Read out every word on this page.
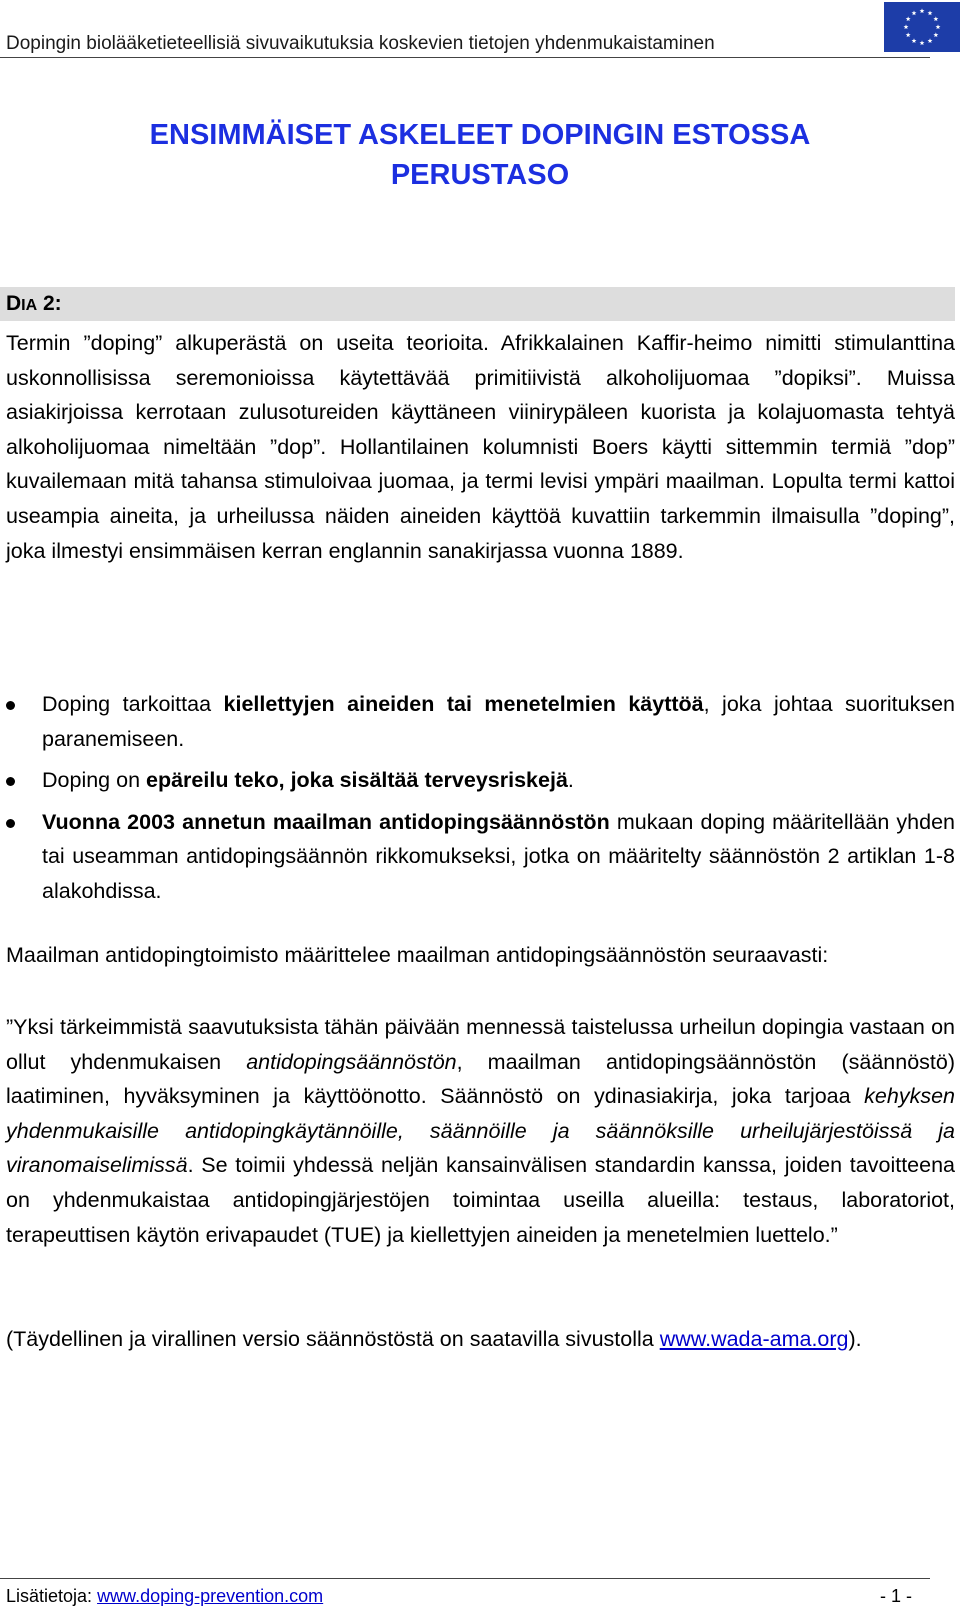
Dopingin biolääketieteellisiä sivuvaikutuksia koskevien tietojen yhdenmukaistaminen
ENSIMMÄISET ASKELEET DOPINGIN ESTOSSA
PERUSTASO
DIA 2:
Termin ”doping” alkuperästä on useita teorioita. Afrikkalainen Kaffir-heimo nimitti stimulanttina uskonnollisissa seremonioissa käytettävää primitiivistä alkoholijuomaa ”dopiksi”. Muissa asiakirjoissa kerrotaan zulusotureiden käyttäneen viinirypäleen kuorista ja kolajuomasta tehtyä alkoholijuomaa nimeltään ”dop”. Hollantilainen kolumnisti Boers käytti sittemmin termiä ”dop” kuvailemaan mitä tahansa stimuloivaa juomaa, ja termi levisi ympäri maailman. Lopulta termi kattoi useampia aineita, ja urheilussa näiden aineiden käyttöä kuvattiin tarkemmin ilmaisulla ”doping”, joka ilmestyi ensimmäisen kerran englannin sanakirjassa vuonna 1889.
Doping tarkoittaa kiellettyjen aineiden tai menetelmien käyttöä, joka johtaa suorituksen paranemiseen.
Doping on epäreilu teko, joka sisältää terveysriskejä.
Vuonna 2003 annetun maailman antidopingsäännöstön mukaan doping määritellään yhden tai useamman antidopingsäännön rikkomukseksi, jotka on määritelty säännöstön 2 artiklan 1-8 alakohdissa.
Maailman antidopingtoimisto määrittelee maailman antidopingsäännöstön seuraavasti:
”Yksi tärkeimmistä saavutuksista tähän päivään mennessä taistelussa urheilun dopingia vastaan on ollut yhdenmukaisen antidopingsäännöstön, maailman antidopingsäännöstön (säännöstö) laatiminen, hyväksyminen ja käyttöönotto. Säännöstö on ydinasiakirja, joka tarjoaa kehyksen yhdenmukaisille antidopingkäytännöille, säännöille ja säännöksille urheilujärjestöissä ja viranomaiselimissä. Se toimii yhdessä neljän kansainvälisen standardin kanssa, joiden tavoitteena on yhdenmukaistaa antidopingjärjestöjen toimintaa useilla alueilla: testaus, laboratoriot, terapeuttisen käytön erivapaudet (TUE) ja kiellettyjen aineiden ja menetelmien luettelo.”
(Täydellinen ja virallinen versio säännöstöstä on saatavilla sivustolla www.wada-ama.org).
Lisätietoja: www.doping-prevention.com	- 1 -
